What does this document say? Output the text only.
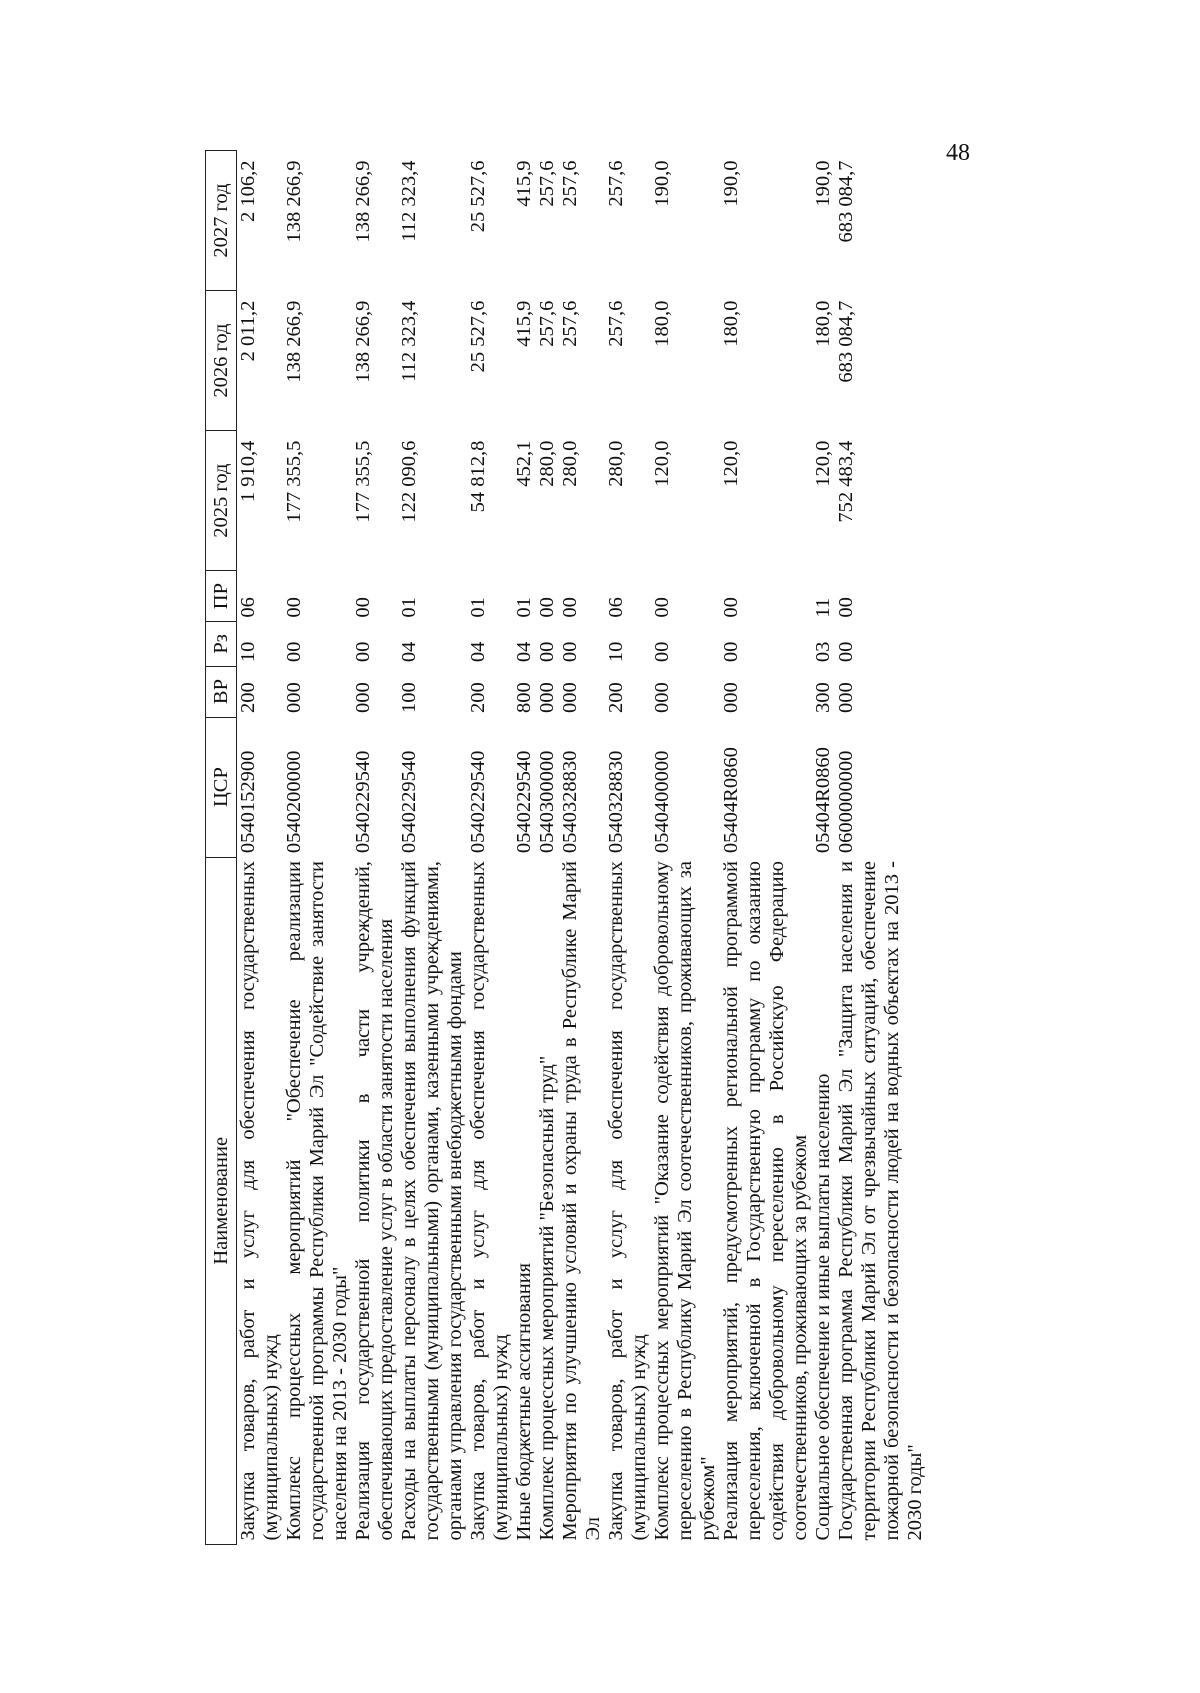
48
Наименование	ЦСР	ВР	Рз	ПР	2025 год	2026 год	2027 год
Закупка товаров, работ и услуг для обеспечения государственных (муниципальных) нужд	0540152900	200	10	06	1 910,4	2 011,2	2 106,2
Комплекс процессных мероприятий "Обеспечение реализации государственной программы Республики Марий Эл "Содействие занятости населения на 2013 - 2030 годы"	0540200000	000	00	00	177 355,5	138 266,9	138 266,9
Реализация государственной политики в части учреждений, обеспечивающих предоставление услуг в области занятости населения	0540229540	000	00	00	177 355,5	138 266,9	138 266,9
Расходы на выплаты персоналу в целях обеспечения выполнения функций государственными (муниципальными) органами, казенными учреждениями, органами управления государственными внебюджетными фондами	0540229540	100	04	01	122 090,6	112 323,4	112 323,4
Закупка товаров, работ и услуг для обеспечения государственных (муниципальных) нужд	0540229540	200	04	01	54 812,8	25 527,6	25 527,6
Иные бюджетные ассигнования	0540229540	800	04	01	452,1	415,9	415,9
Комплекс процессных мероприятий "Безопасный труд"	0540300000	000	00	00	280,0	257,6	257,6
Мероприятия по улучшению условий и охраны труда в Республике Марий Эл	0540328830	000	00	00	280,0	257,6	257,6
Закупка товаров, работ и услуг для обеспечения государственных (муниципальных) нужд	0540328830	200	10	06	280,0	257,6	257,6
Комплекс процессных мероприятий "Оказание содействия добровольному переселению в Республику Марий Эл соотечественников, проживающих за рубежом"	0540400000	000	00	00	120,0	180,0	190,0
Реализация мероприятий, предусмотренных региональной программой переселения, включенной в Государственную программу по оказанию содействия добровольному переселению в Российскую Федерацию соотечественников, проживающих за рубежом	05404R0860	000	00	00	120,0	180,0	190,0
Социальное обеспечение и иные выплаты населению	05404R0860	300	03	11	120,0	180,0	190,0
Государственная программа Республики Марий Эл "Защита населения и территории Республики Марий Эл от чрезвычайных ситуаций, обеспечение пожарной безопасности и безопасности людей на водных объектах на 2013 - 2030 годы"	0600000000	000	00	00	752 483,4	683 084,7	683 084,7
